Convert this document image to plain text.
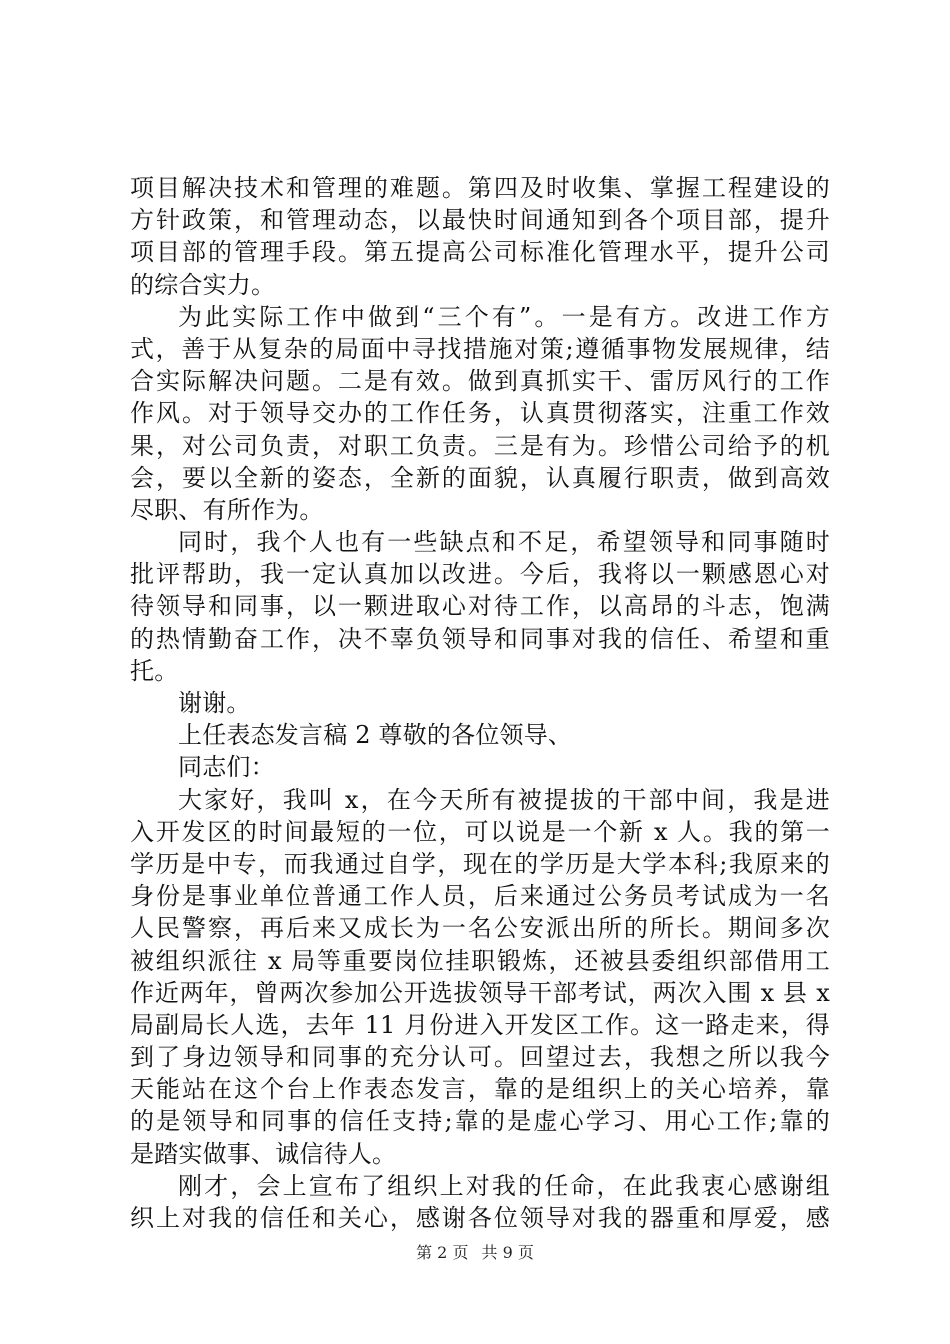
项目解决技术和管理的难题。第四及时收集、掌握工程建设的
方针政策，和管理动态，以最快时间通知到各个项目部，提升
项目部的管理手段。第五提高公司标准化管理水平，提升公司
的综合实力。
为此实际工作中做到“三个有”。一是有方。改进工作方
式，善于从复杂的局面中寻找措施对策;遵循事物发展规律，结
合实际解决问题。二是有效。做到真抓实干、雷厉风行的工作
作风。对于领导交办的工作任务，认真贯彻落实，注重工作效
果，对公司负责，对职工负责。三是有为。珍惜公司给予的机
会，要以全新的姿态，全新的面貌，认真履行职责，做到高效
尽职、有所作为。
同时，我个人也有一些缺点和不足，希望领导和同事随时
批评帮助，我一定认真加以改进。今后，我将以一颗感恩心对
待领导和同事，以一颗进取心对待工作，以高昂的斗志，饱满
的热情勤奋工作，决不辜负领导和同事对我的信任、希望和重
托。
谢谢。
上任表态发言稿 2 尊敬的各位领导、
同志们：
大家好，我叫 x，在今天所有被提拔的干部中间，我是进
入开发区的时间最短的一位，可以说是一个新 x 人。我的第一
学历是中专，而我通过自学，现在的学历是大学本科;我原来的
身份是事业单位普通工作人员，后来通过公务员考试成为一名
人民警察，再后来又成长为一名公安派出所的所长。期间多次
被组织派往 x 局等重要岗位挂职锻炼，还被县委组织部借用工
作近两年，曾两次参加公开选拔领导干部考试，两次入围 x 县 x
局副局长人选，去年 11 月份进入开发区工作。这一路走来，得
到了身边领导和同事的充分认可。回望过去，我想之所以我今
天能站在这个台上作表态发言，靠的是组织上的关心培养，靠
的是领导和同事的信任支持;靠的是虚心学习、用心工作;靠的
是踏实做事、诚信待人。
刚才，会上宣布了组织上对我的任命，在此我衷心感谢组
织上对我的信任和关心，感谢各位领导对我的器重和厚爱，感
第 2 页 共 9 页
